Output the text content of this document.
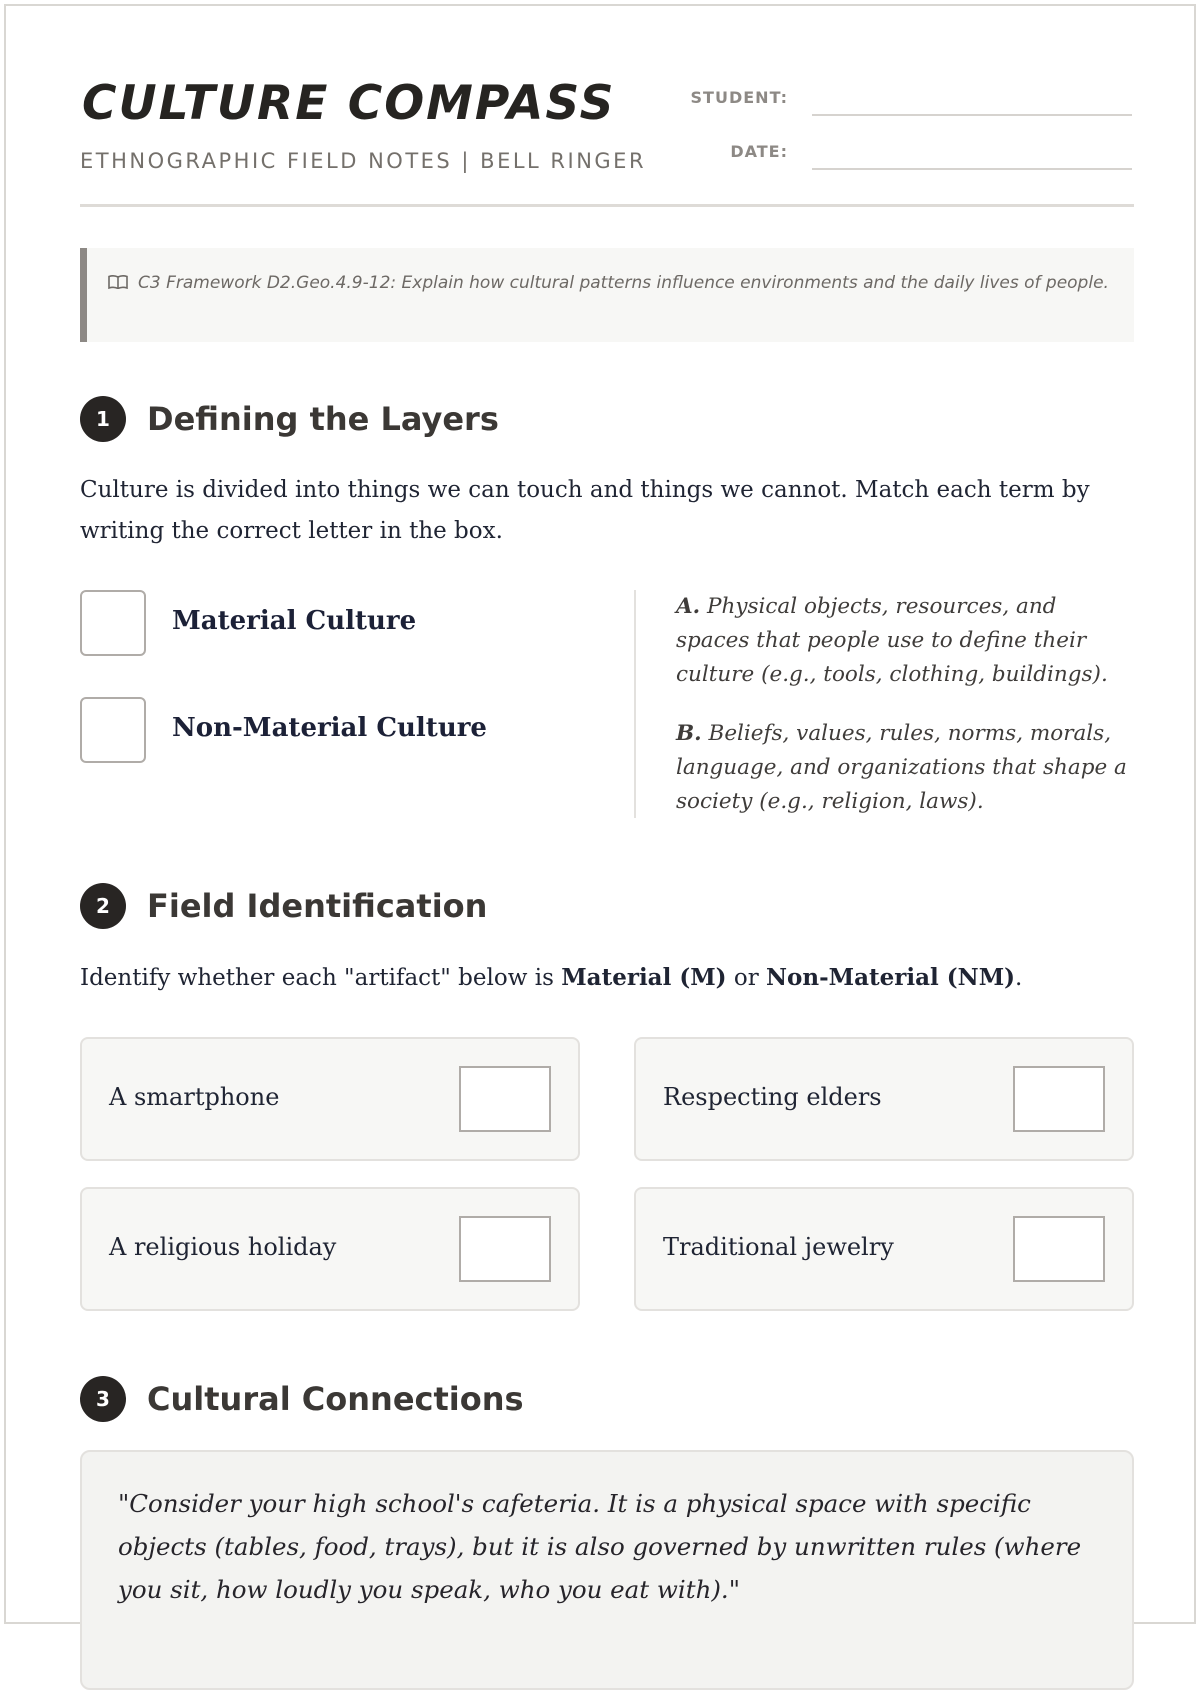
CULTURE COMPASS
ETHNOGRAPHIC FIELD NOTES | BELL RINGER
STUDENT:
DATE:
C3 Framework D2.Geo.4.9-12: Explain how cultural patterns influence environments and the daily lives of people.
1	Defining the Layers
Culture is divided into things we can touch and things we cannot. Match each term by writing the correct letter in the box.
Material Culture
Non-Material Culture
A. Physical objects, resources, and spaces that people use to define their culture (e.g., tools, clothing, buildings).
B. Beliefs, values, rules, norms, morals, language, and organizations that shape a society (e.g., religion, laws).
2	Field Identification
Identify whether each "artifact" below is Material (M) or Non-Material (NM).
A smartphone	Respecting elders
A religious holiday	Traditional jewelry
3	Cultural Connections
"Consider your high school's cafeteria. It is a physical space with specific objects (tables, food, trays), but it is also governed by unwritten rules (where you sit, how loudly you speak, who you eat with)."
